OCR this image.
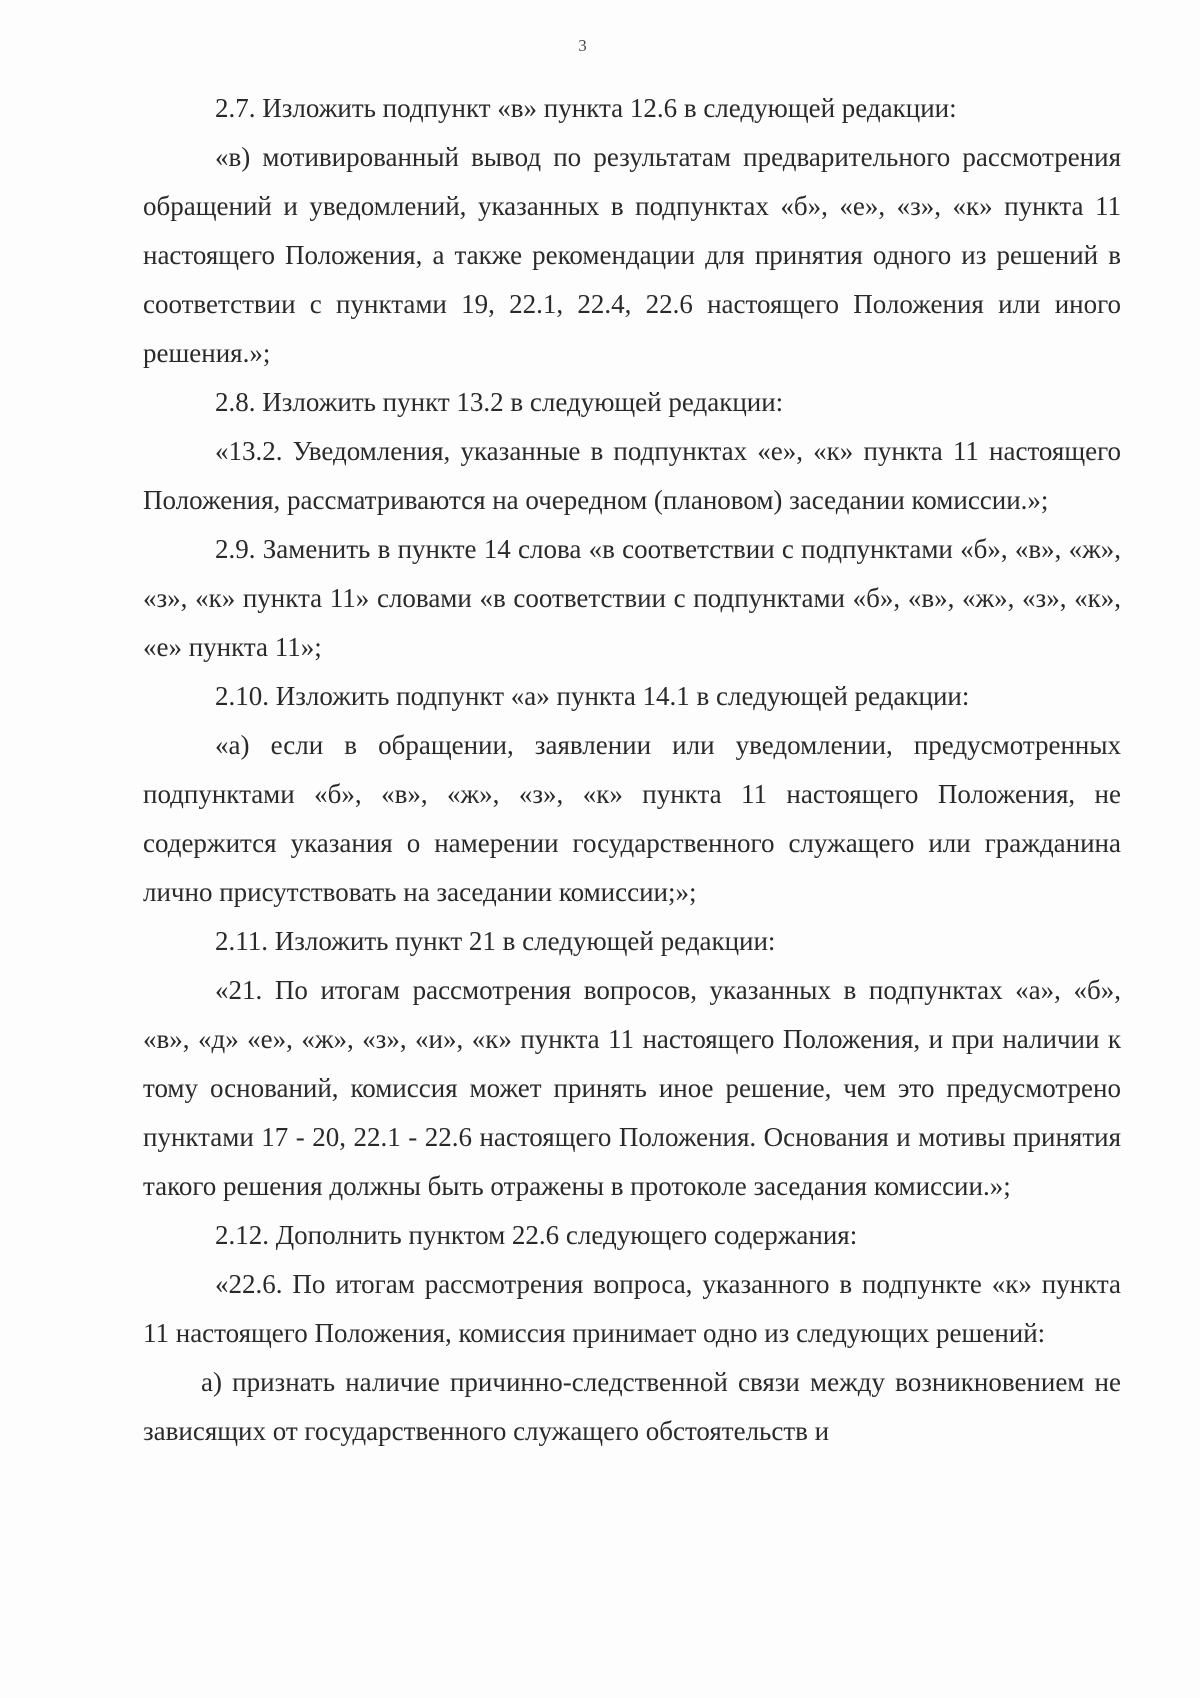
3

2.7. Изложить подпункт «в» пункта 12.6 в следующей редакции:

«в) мотивированный вывод по результатам предварительного рассмотрения обращений и уведомлений, указанных в подпунктах «б», «е», «з», «к» пункта 11 настоящего Положения, а также рекомендации для принятия одного из решений в соответствии с пунктами 19, 22.1, 22.4, 22.6 настоящего Положения или иного решения.»;

2.8. Изложить пункт 13.2 в следующей редакции:

«13.2. Уведомления, указанные в подпунктах «е», «к» пункта 11 настоящего Положения, рассматриваются на очередном (плановом) заседании комиссии.»;

2.9. Заменить в пункте 14 слова «в соответствии с подпунктами «б», «в», «ж», «з», «к» пункта 11» словами «в соответствии с подпунктами «б», «в», «ж», «з», «к», «е» пункта 11»;

2.10. Изложить подпункт «а» пункта 14.1 в следующей редакции:

«а) если в обращении, заявлении или уведомлении, предусмотренных подпунктами «б», «в», «ж», «з», «к» пункта 11 настоящего Положения, не содержится указания о намерении государственного служащего или гражданина лично присутствовать на заседании комиссии;»;

2.11. Изложить пункт 21 в следующей редакции:

«21. По итогам рассмотрения вопросов, указанных в подпунктах «а», «б», «в», «д» «е», «ж», «з», «и», «к» пункта 11 настоящего Положения, и при наличии к тому оснований, комиссия может принять иное решение, чем это предусмотрено пунктами 17 - 20, 22.1 - 22.6 настоящего Положения. Основания и мотивы принятия такого решения должны быть отражены в протоколе заседания комиссии.»;

2.12. Дополнить пунктом 22.6 следующего содержания:

«22.6. По итогам рассмотрения вопроса, указанного в подпункте «к» пункта 11 настоящего Положения, комиссия принимает одно из следующих решений:

а) признать наличие причинно-следственной связи между возникновением не зависящих от государственного служащего обстоятельств и
